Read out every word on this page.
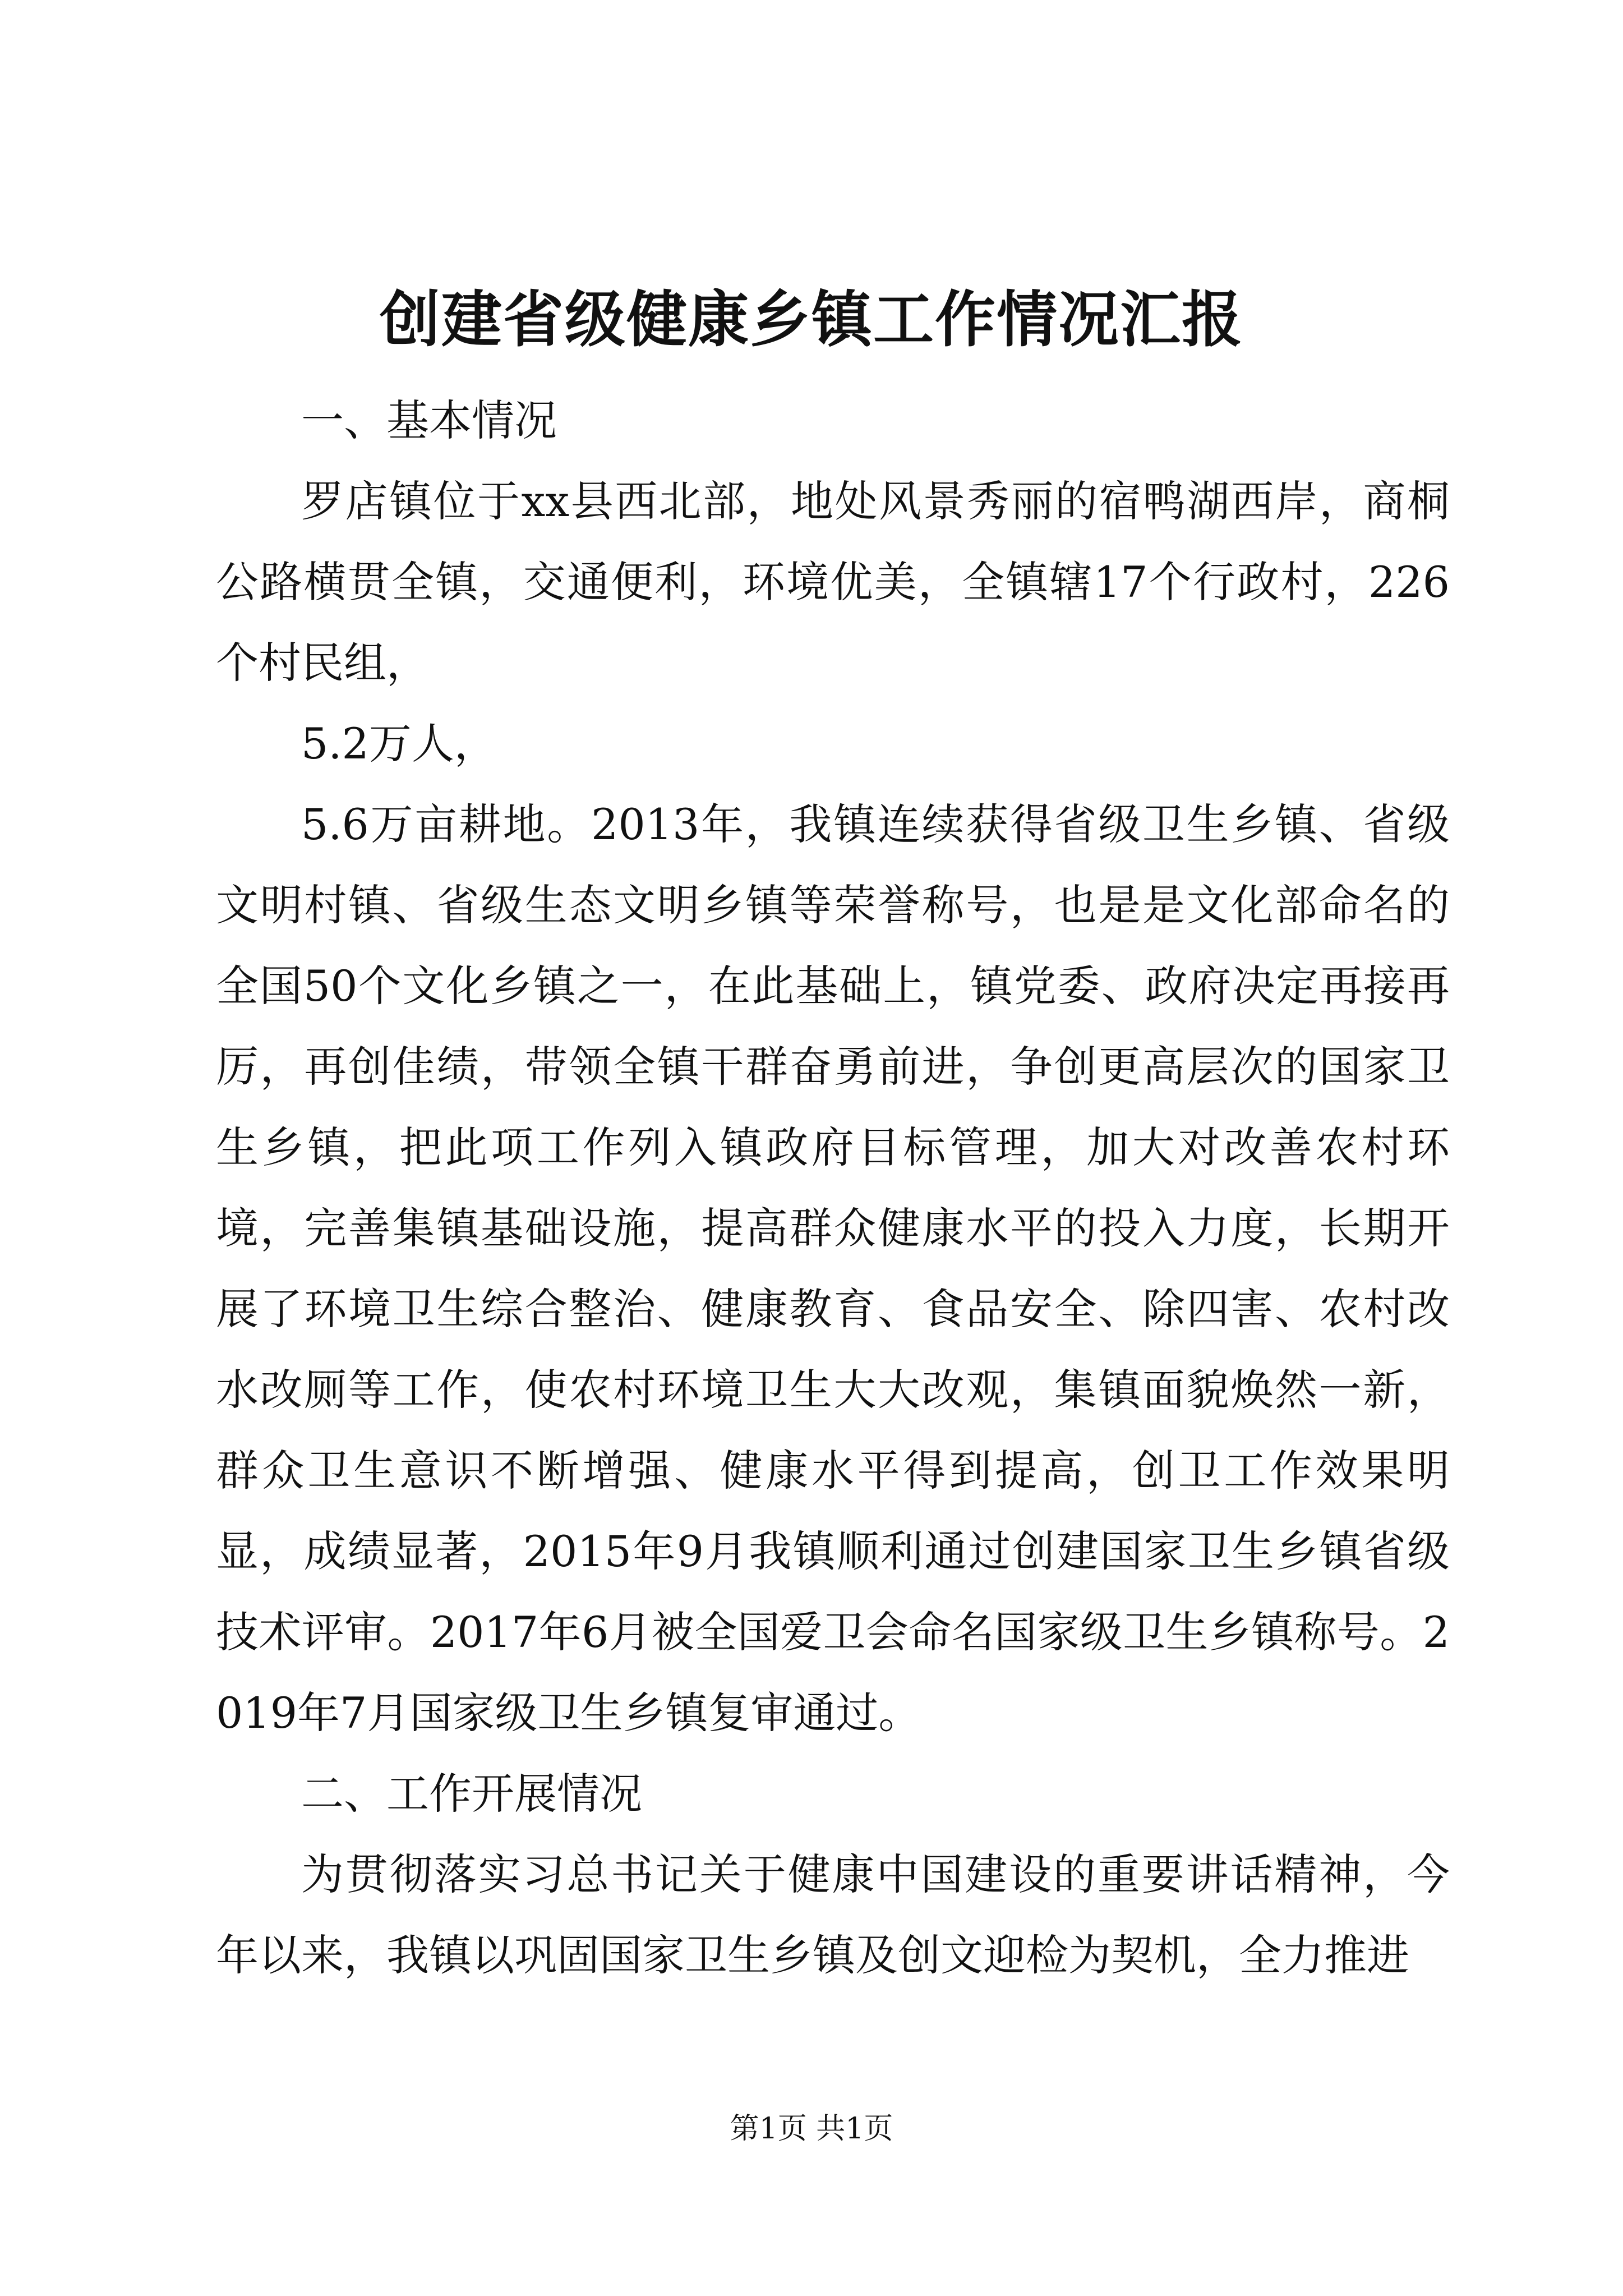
创建省级健康乡镇工作情况汇报

一、基本情况

罗店镇位于xx县西北部，地处风景秀丽的宿鸭湖西岸，商桐公路横贯全镇，交通便利，环境优美，全镇辖17个行政村，226个村民组，

5.2万人，

5.6万亩耕地。2013年，我镇连续获得省级卫生乡镇、省级文明村镇、省级生态文明乡镇等荣誉称号，也是是文化部命名的全国50个文化乡镇之一，在此基础上，镇党委、政府决定再接再厉，再创佳绩，带领全镇干群奋勇前进，争创更高层次的国家卫生乡镇，把此项工作列入镇政府目标管理，加大对改善农村环境，完善集镇基础设施，提高群众健康水平的投入力度，长期开展了环境卫生综合整治、健康教育、食品安全、除四害、农村改水改厕等工作，使农村环境卫生大大改观，集镇面貌焕然一新，群众卫生意识不断增强、健康水平得到提高，创卫工作效果明显，成绩显著，2015年9月我镇顺利通过创建国家卫生乡镇省级技术评审。2017年6月被全国爱卫会命名国家级卫生乡镇称号。2019年7月国家级卫生乡镇复审通过。

二、工作开展情况

为贯彻落实习总书记关于健康中国建设的重要讲话精神，今年以来，我镇以巩固国家卫生乡镇及创文迎检为契机，全力推进

第1页 共1页
